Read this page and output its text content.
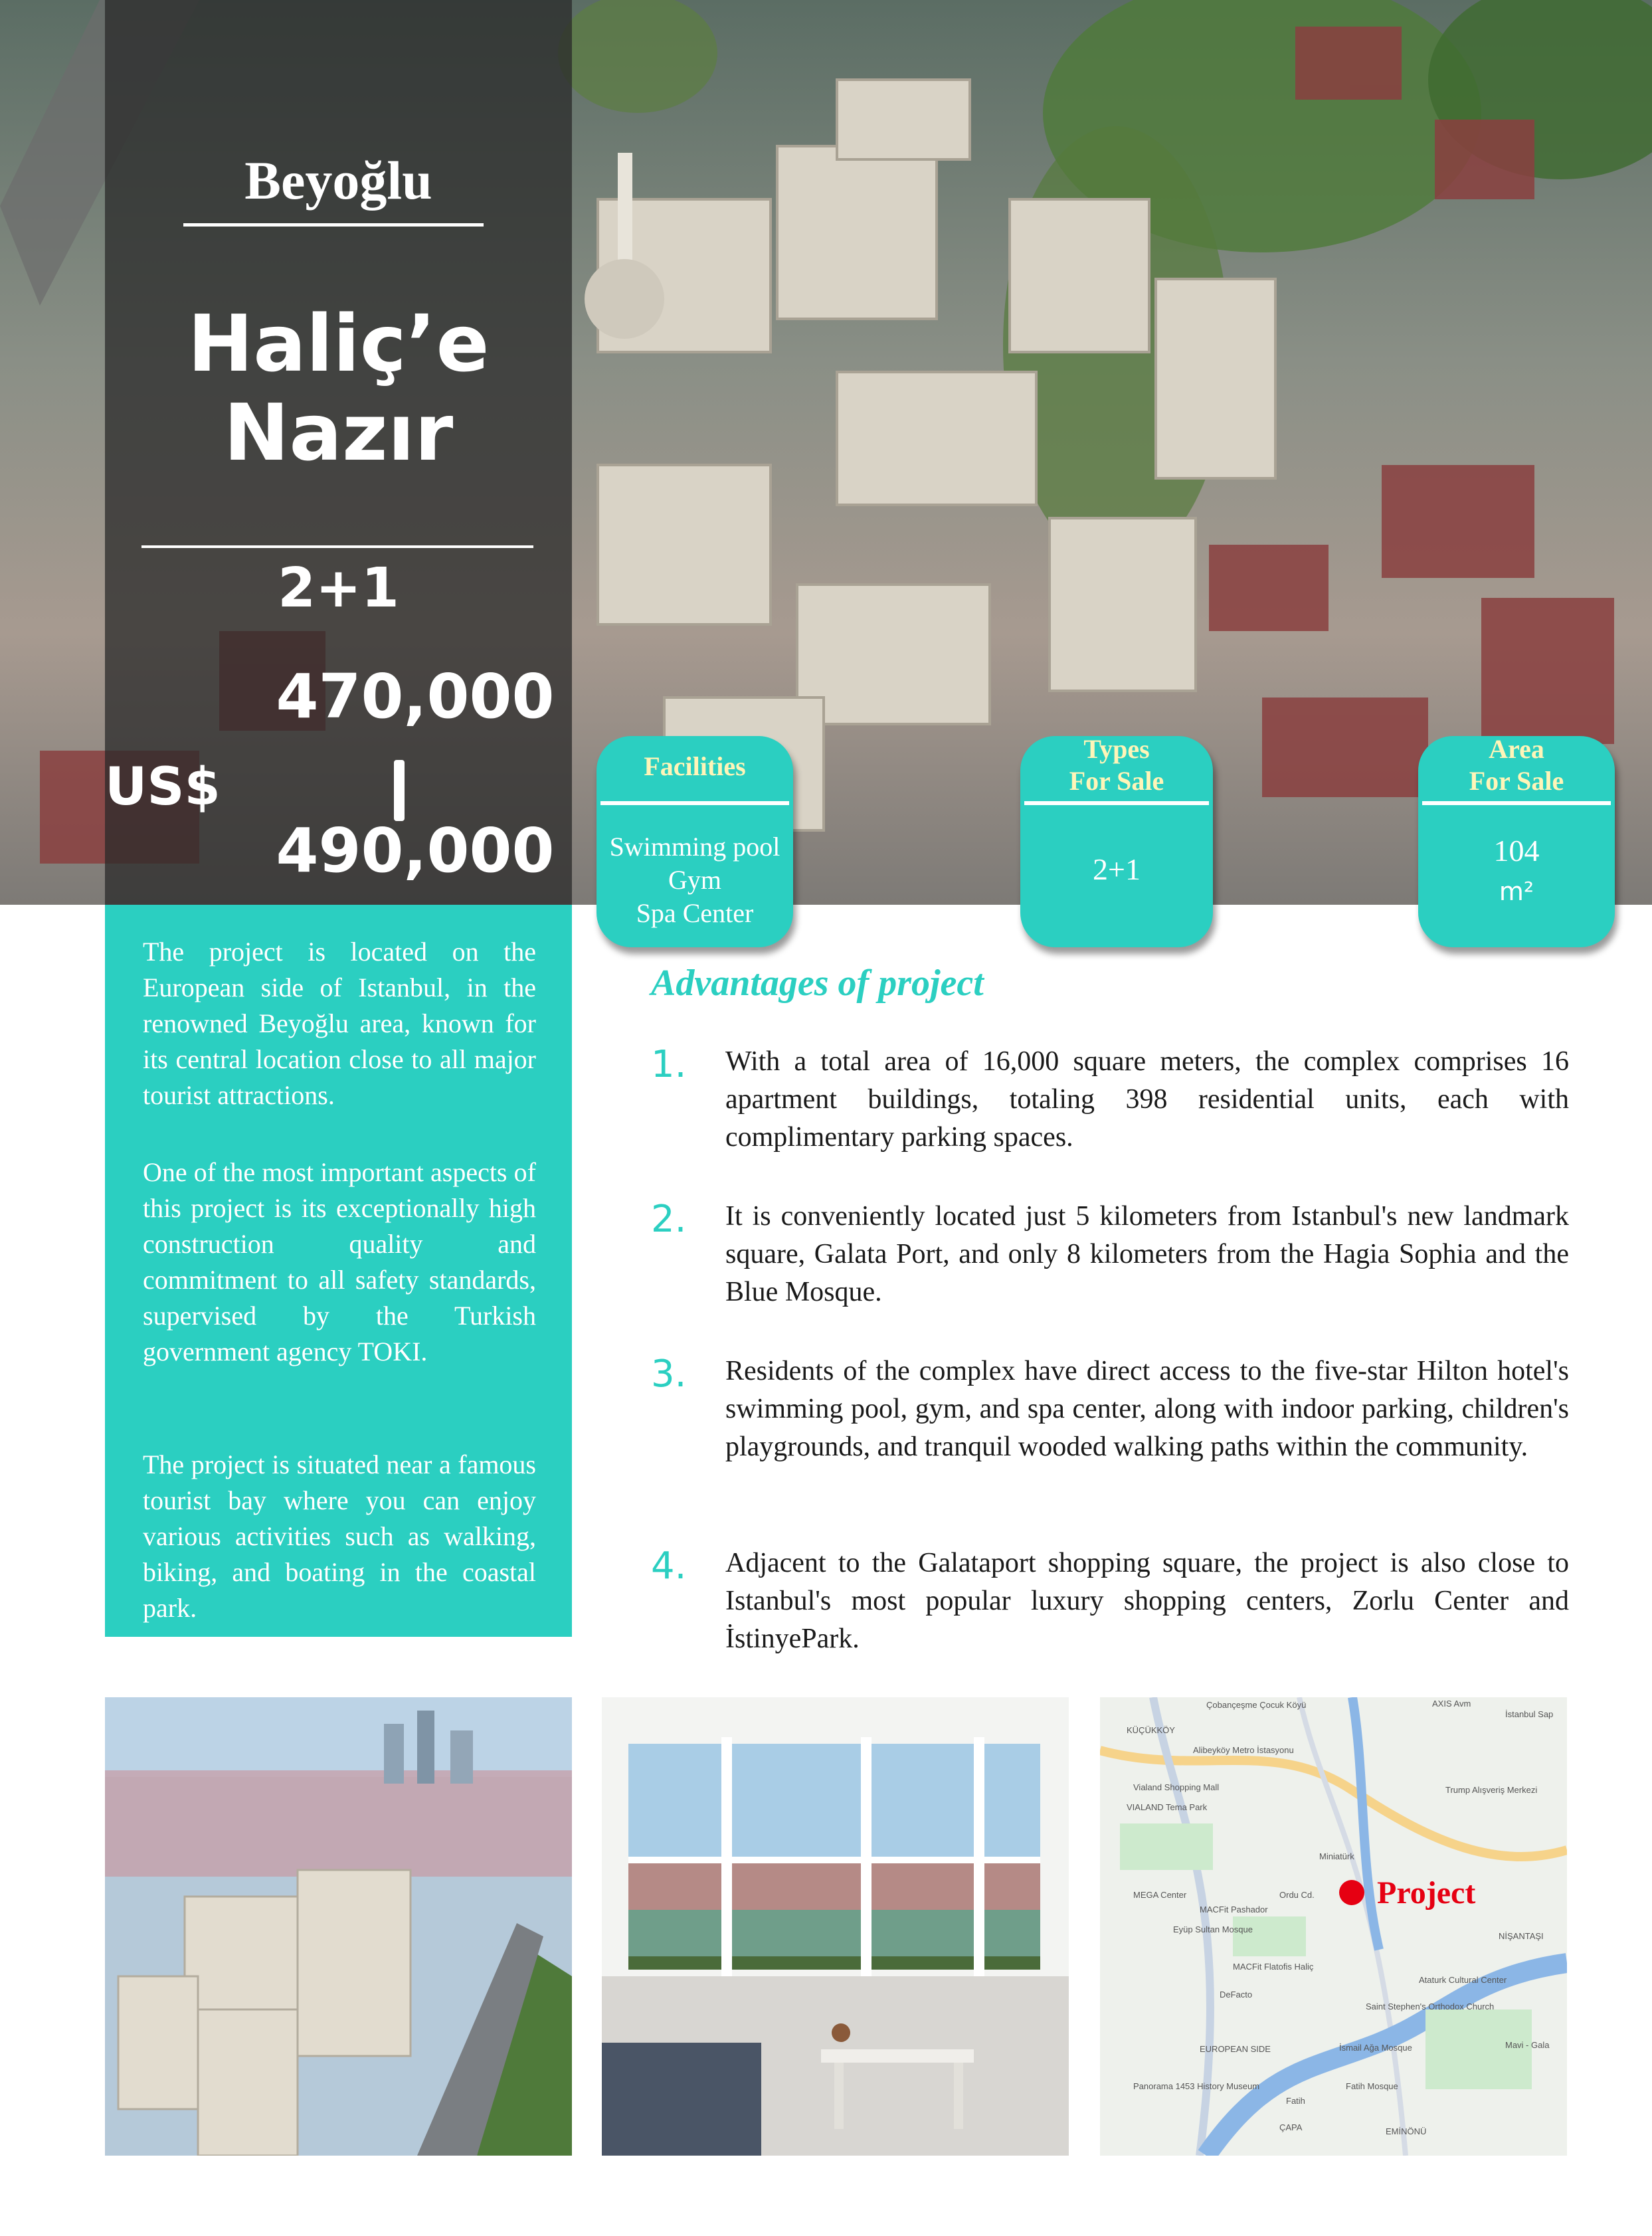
Beyoğlu
Haliç’e
Nazır
2+1
US$
470,000
490,000
Facilities
Swimming pool
Gym
Spa Center
Types
For Sale
2+1
Area
For Sale
104
m²

The project is located on the European side of Istanbul, in the renowned Beyoğlu area, known for its central location close to all major tourist attractions.

One of the most important aspects of this project is its exceptionally high construction quality and commitment to all safety standards, supervised by the Turkish government agency TOKI.

The project is situated near a famous tourist bay where you can enjoy various activities such as walking, biking, and boating in the coastal park.

Advantages of project
1. With a total area of 16,000 square meters, the complex comprises 16 apartment buildings, totaling 398 residential units, each with complimentary parking spaces.

2. It is conveniently located just 5 kilometers from Istanbul's new landmark square, Galata Port, and only 8 kilometers from the Hagia Sophia and the Blue Mosque.

3. Residents of the complex have direct access to the five-star Hilton hotel's swimming pool, gym, and spa center, along with indoor parking, children's playgrounds, and tranquil wooded walking paths within the community.

4. Adjacent to the Galataport shopping square, the project is also close to Istanbul's most popular luxury shopping centers, Zorlu Center and İstinyePark.

KÜÇÜKKÖY
Alibeyköy Metro İstasyonu
Vialand Shopping Mall
VIALAND Tema Park
MEGA Center
MACFit Pashador
Eyüp Sultan Mosque
MACFit Flatofis Haliç
DeFacto
Miniatürk
Trump Alışveriş Merkezi
Ataturk Cultural Center
Saint Stephen's Orthodox Church
İsmail Ağa Mosque
Fatih Mosque
EUROPEAN SIDE
Panorama 1453 History Museum
Fatih
ÇAPA	EMİNÖNÜ
NİŞANTAŞI
Mavi - Gala
Ordu Cd.
AXIS Avm
Çobançeşme Çocuk Köyü
İstanbul Sap
Project
